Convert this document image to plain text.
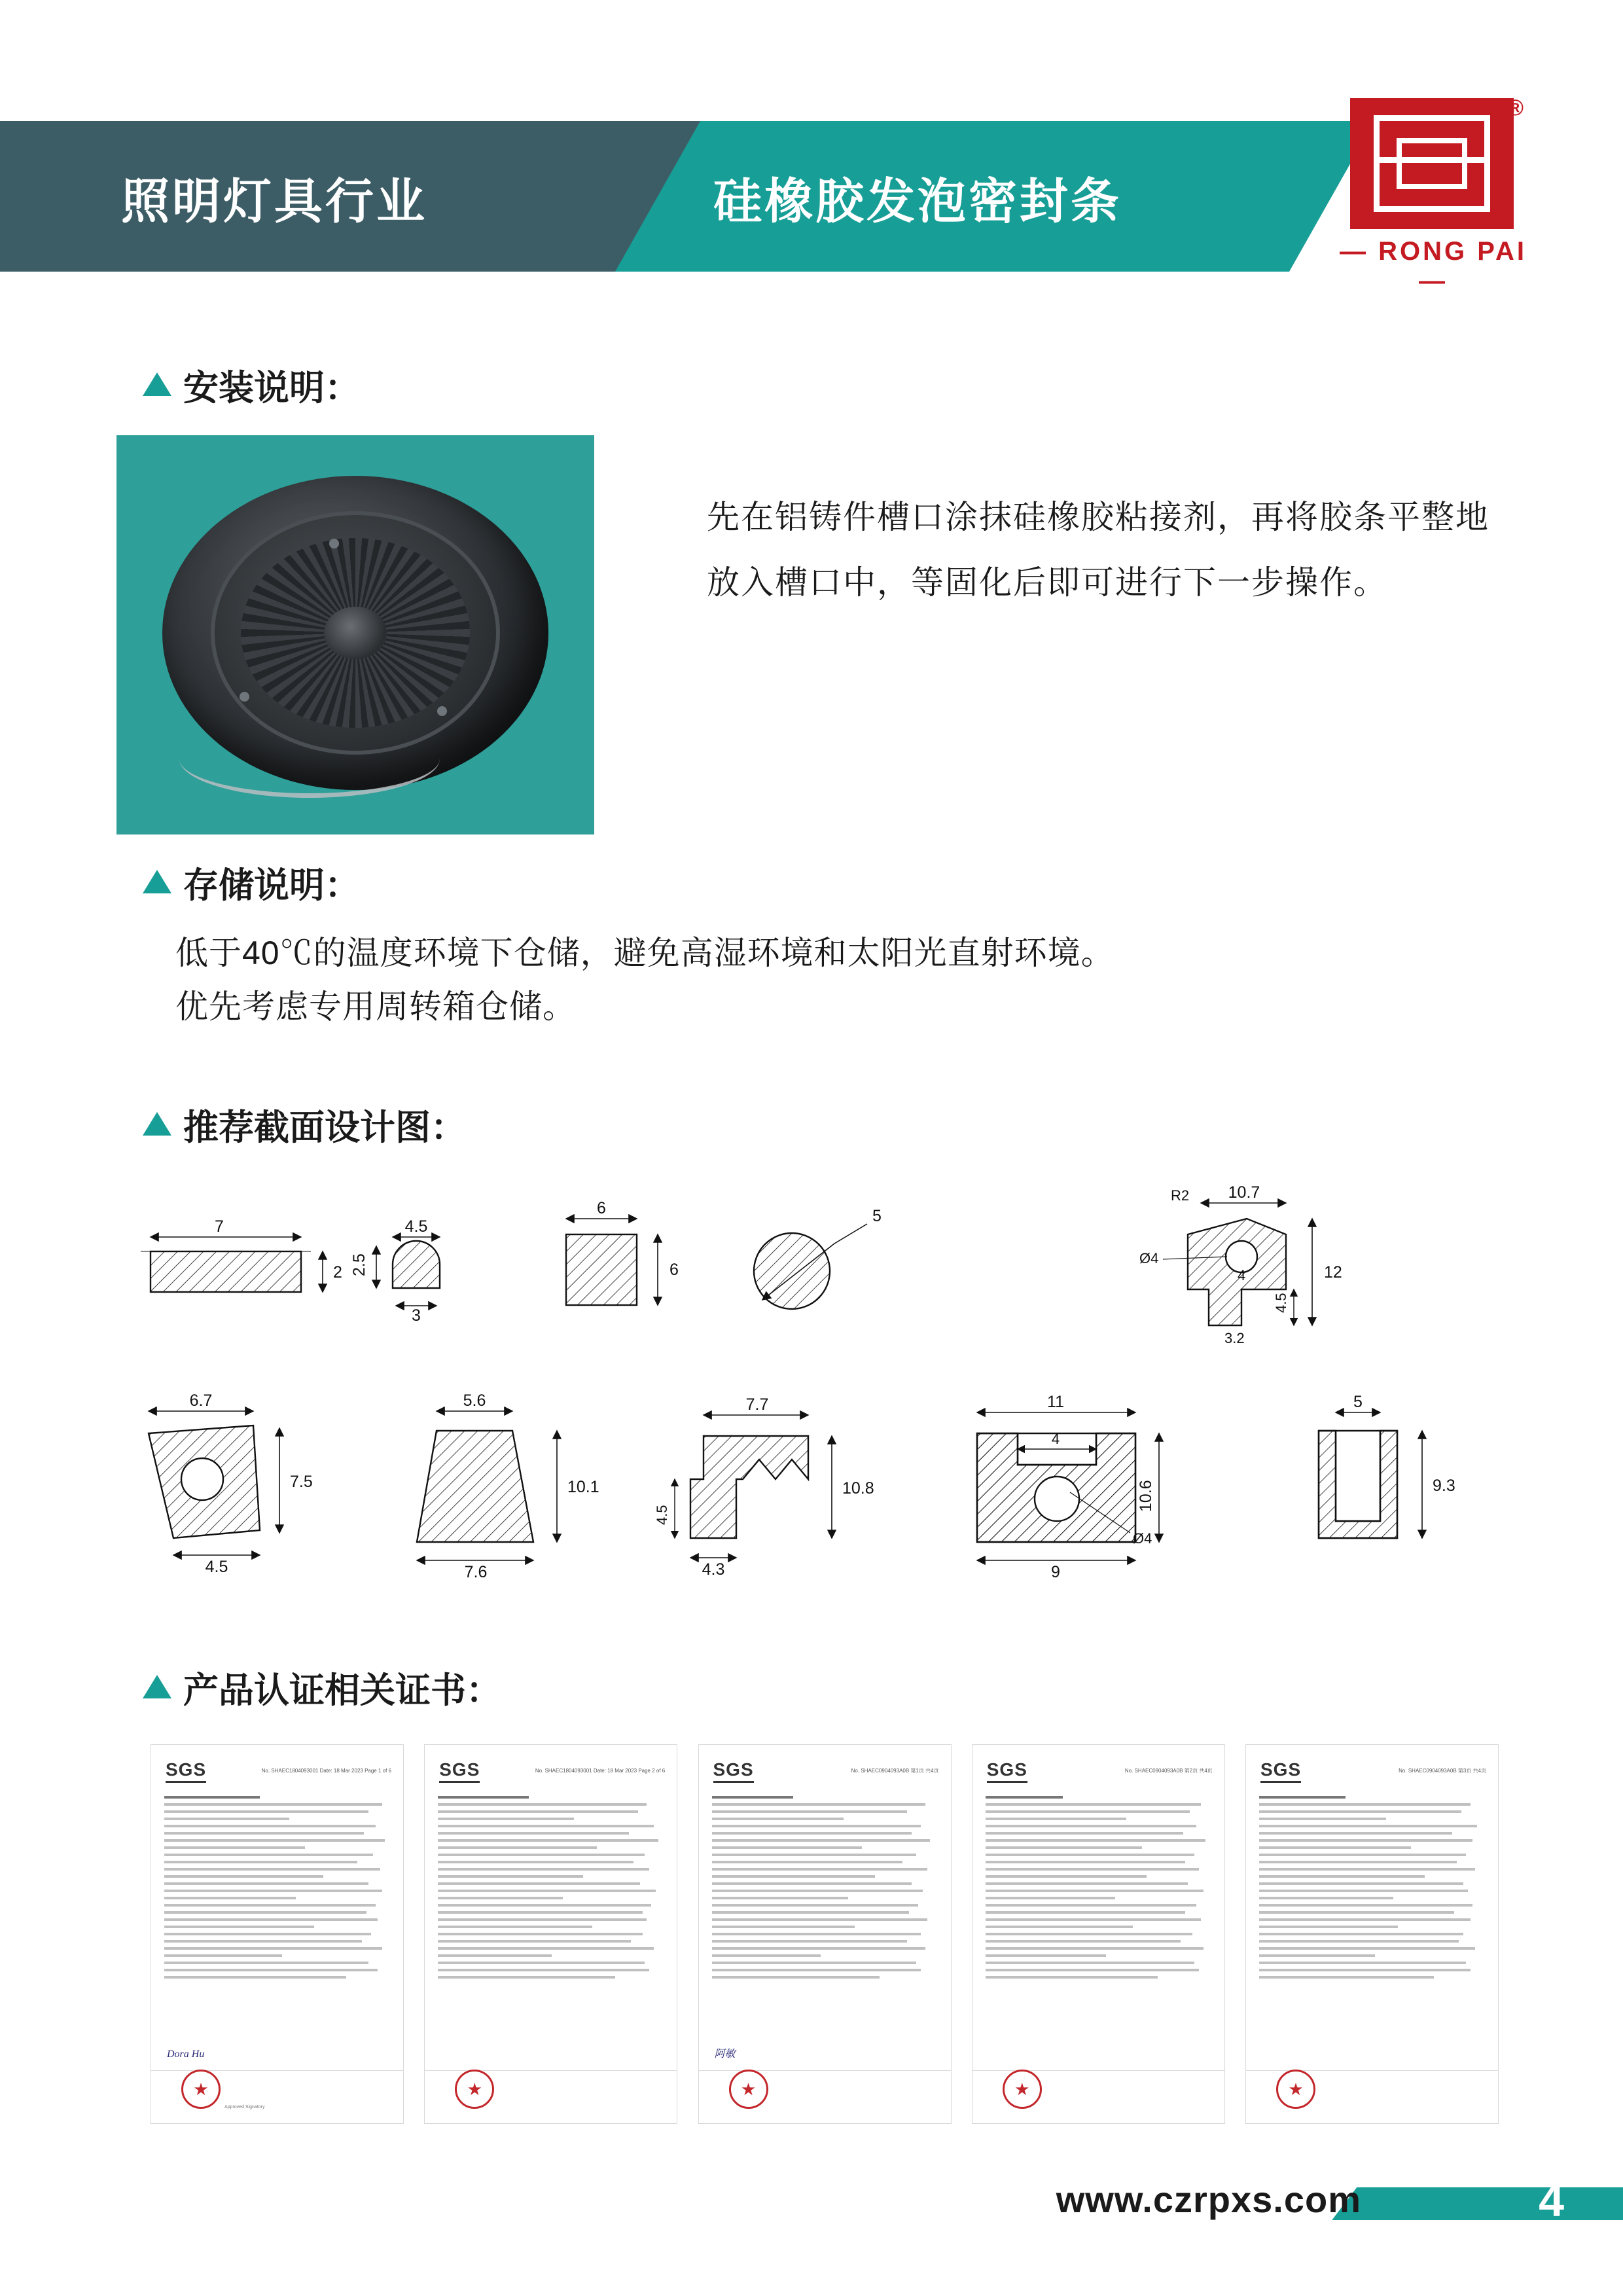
照明灯具行业	硅橡胶发泡密封条
®
— RONG PAI —
安装说明：
先在铝铸件槽口涂抹硅橡胶粘接剂，再将胶条平整地放入槽口中，等固化后即可进行下一步操作。
存储说明：
低于40℃的温度环境下仓储，避免高湿环境和太阳光直射环境。
优先考虑专用周转箱仓储。
推荐截面设计图：
7
2
4.5
2.5
3
6
6
5
10.7
R2
12
Ø4
4
4.5
3.2
6.7
7.5
4.5
5.6
10.1
7.6
7.7
10.8
4.5
4.3
11
4
10.6
Ø4
9
5
9.3
产品认证相关证书：
SGS	No. SHAEC1804093001 Date: 18 Mar 2023 Page 1 of 6
Dora Hu
★
Approved Signatory
SGS	No. SHAEC1804093001 Date: 18 Mar 2023 Page 2 of 6
★
SGS	No. SHAEC0904093A0B 第1页 共4页
阿敏
★
SGS	No. SHAEC0904093A0B 第2页 共4页
★
SGS	No. SHAEC0904093A0B 第3页 共4页
★
www.czrpxs.com	4
